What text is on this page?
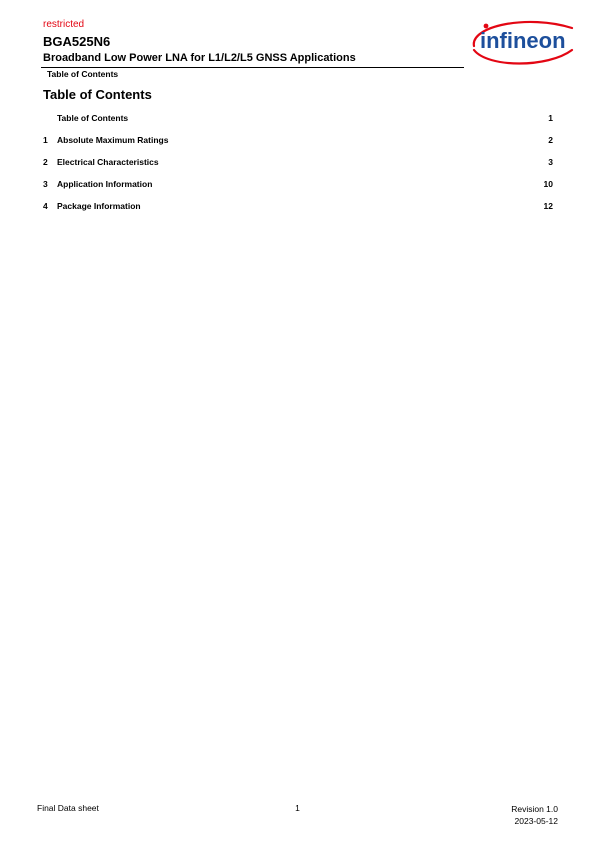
restricted
BGA525N6
Broadband Low Power LNA for L1/L2/L5 GNSS Applications
Table of Contents
infineon
Table of Contents
Table of Contents	1
1	Absolute Maximum Ratings	2
2	Electrical Characteristics	3
3	Application Information	10
4	Package Information	12
Final Data sheet	1	Revision 1.0
2023-05-12
